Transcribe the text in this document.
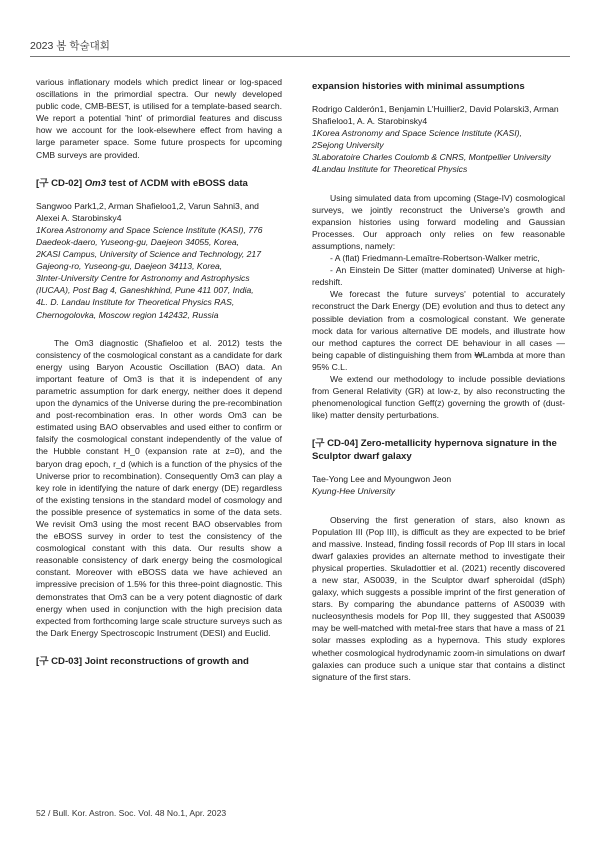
2023 봄 학술대회

various inflationary models which predict linear or log-spaced oscillations in the primordial spectra. Our newly developed public code, CMB-BEST, is utilised for a template-based search. We report a potential 'hint' of primordial features and discuss how we account for the look-elsewhere effect from having a large parameter space. Some future prospects for upcoming CMB surveys are provided.

[구 CD-02] Om3 test of ΛCDM with eBOSS data

Sangwoo Park1,2, Arman Shafieloo1,2, Varun Sahni3, and Alexei A. Starobinsky4

1Korea Astronomy and Space Science Institute (KASI), 776 Daedeok-daero, Yuseong-gu, Daejeon 34055, Korea,

2KASI Campus, University of Science and Technology, 217 Gajeong-ro, Yuseong-gu, Daejeon 34113, Korea,

3Inter-University Centre for Astronomy and Astrophysics (IUCAA), Post Bag 4, Ganeshkhind, Pune 411 007, India,

4L. D. Landau Institute for Theoretical Physics RAS, Chernogolovka, Moscow region 142432, Russia

The Om3 diagnostic (Shafieloo et al. 2012) tests the consistency of the cosmological constant as a candidate for dark energy using Baryon Acoustic Oscillation (BAO) data. An important feature of Om3 is that it is independent of any parametric assumption for dark energy, neither does it depend upon the dynamics of the Universe during the pre-recombination and post-recombination eras. In other words Om3 can be estimated using BAO observables and used either to confirm or falsify the cosmological constant independently of the value of the Hubble constant H_0 (expansion rate at z=0), and the baryon drag epoch, r_d (which is a function of the physics of the Universe prior to recombination). Consequently Om3 can play a key role in identifying the nature of dark energy (DE) regardless of the existing tensions in the standard model of cosmology and the possible presence of systematics in some of the data sets. We revisit Om3 using the most recent BAO observables from the eBOSS survey in order to test the consistency of the cosmological constant with this data. Our results show a reasonable consistency of dark energy being the cosmological constant. Moreover with eBOSS data we have achieved an impressive precision of 1.5% for this three-point diagnostic. This demonstrates that Om3 can be a very potent diagnostic of dark energy when used in conjunction with the high precision data expected from forthcoming large scale structure surveys such as the Dark Energy Spectroscopic Instrument (DESI) and Euclid.

[구 CD-03] Joint reconstructions of growth and

expansion histories with minimal assumptions

Rodrigo Calderón1, Benjamin L'Huillier2, David Polarski3, Arman Shafieloo1, A. A. Starobinsky4

1Korea Astronomy and Space Science Institute (KASI),

2Sejong University

3Laboratoire Charles Coulomb & CNRS, Montpellier University

4Landau Institute for Theoretical Physics

Using simulated data from upcoming (Stage-IV) cosmological surveys, we jointly reconstruct the Universe's growth and expansion histories using forward modeling and Gaussian Processes. Our approach only relies on few reasonable assumptions, namely:

- A (flat) Friedmann-Lemaître-Robertson-Walker metric,

- An Einstein De Sitter (matter dominated) Universe at high-redshift.

We forecast the future surveys' potential to accurately reconstruct the Dark Energy (DE) evolution and thus to detect any possible deviation from a cosmological constant. We generate mock data for various alternative DE models, and illustrate how our method captures the correct DE behaviour in all cases — being capable of distinguishing them from ₩Lambda at more than 95% C.L.

We extend our methodology to include possible deviations from General Relativity (GR) at low-z, by also reconstructing the phenomenological function Geff(z) governing the growth of (dust-like) matter density perturbations.

[구 CD-04] Zero-metallicity hypernova signature in the Sculptor dwarf galaxy

Tae-Yong Lee and Myoungwon Jeon

Kyung-Hee University

Observing the first generation of stars, also known as Population III (Pop III), is difficult as they are expected to be brief and massive. Instead, finding fossil records of Pop III stars in local dwarf galaxies provides an alternate method to investigate their physical properties. Skuladottier et al. (2021) recently discovered a new star, AS0039, in the Sculptor dwarf spheroidal (dSph) galaxy, which suggests a possible imprint of the first generation of stars. By comparing the abundance patterns of AS0039 with nucleosynthesis models for Pop III, they suggested that AS0039 may be well-matched with metal-free stars that have a mass of 21 solar masses exploding as a hypernova. This study explores whether cosmological hydrodynamic zoom-in simulations on dwarf galaxies can produce such a unique star that contains a distinct signature of the first stars.

52 / Bull. Kor. Astron. Soc. Vol. 48 No.1, Apr. 2023
